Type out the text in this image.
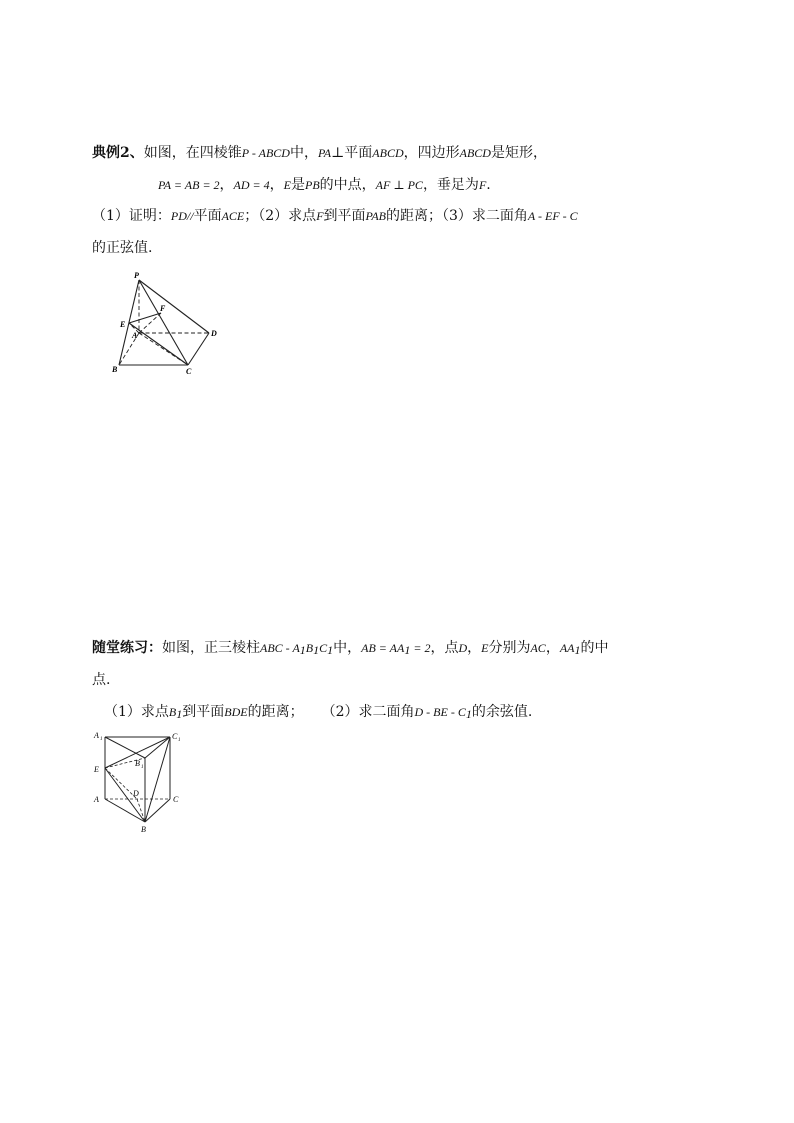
典例2、如图，在四棱锥P - ABCD中，PA⊥平面ABCD，四边形ABCD是矩形，
PA = AB = 2，AD = 4，E是PB的中点，AF ⊥ PC，垂足为F.
（1）证明：PD//平面ACE；（2）求点F到平面PAB的距离；（3）求二面角A - EF - C
的正弦值.
P
E
F
A	D
B	C
随堂练习：如图，正三棱柱ABC - $A_1B_1C_1$中，AB = $AA_1 = 2$，点D，E分别为AC，$AA_1$的中
点.
（1）求点$B_1$到平面BDE的距离； （2）求二面角D - BE - $C_1$的余弦值.
A 1	C 1
B 1
E
D
A	C
B
